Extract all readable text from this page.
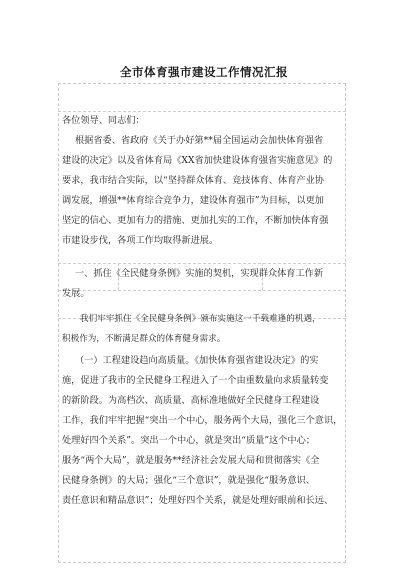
全市体育强市建设工作情况汇报
各位领导、同志们：
根据省委、省政府《关于办好第**届全国运动会加快体育强省
建设的决定》以及省体育局《XX省加快建设体育强省实施意见》的
要求，我市结合实际，以“坚持群众体育、竞技体育、体育产业协
调发展，增强**体育综合竞争力，建设体育强市”为目标，以更加
坚定的信心、更加有力的措施、更加扎实的工作，不断加快体育强
市建设步伐，各项工作均取得新进展。
一、抓住《全民健身条例》实施的契机，实现群众体育工作新
发展。
我们牢牢抓住《全民健身条例》颁布实施这一千载难逢的机遇，
积极作为，不断满足群众的体育健身需求。
（一）工程建设趋向高质量。《加快体育强省建设决定》的实
施，促进了我市的全民健身工程进入了一个由重数量向求质量转变
的新阶段。为高档次、高质量、高标准地做好全民健身工程建设
工作，我们牢牢把握“突出一个中心，服务两个大局，强化三个意识，
处理好四个关系”。突出一个中心，就是突出“质量”这个中心；
服务“两个大局”，就是服务**经济社会发展大局和贯彻落实《全
民健身条例》的大局；强化“三个意识”，就是强化“服务意识、
责任意识和精品意识”；处理好四个关系，就是处理好眼前和长远、
